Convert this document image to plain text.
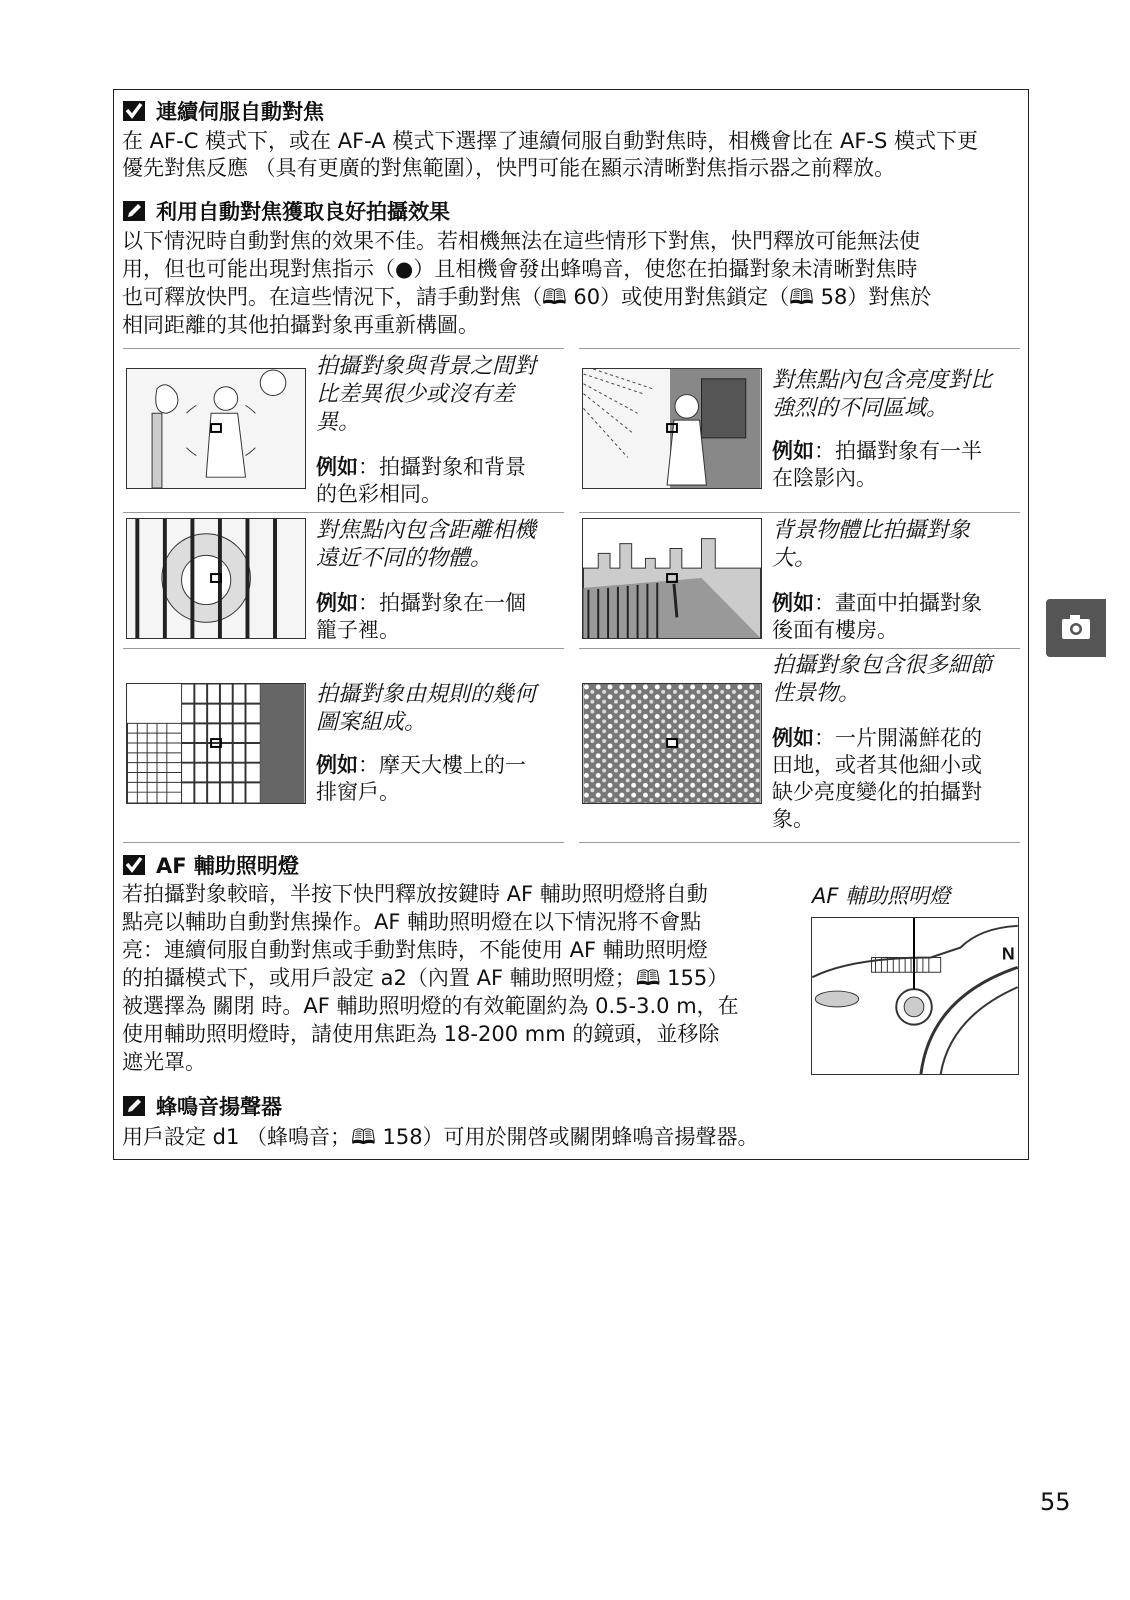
連續伺服自動對焦
在 AF-C 模式下，或在 AF-A 模式下選擇了連續伺服自動對焦時，相機會比在 AF-S 模式下更
優先對焦反應 （具有更廣的對焦範圍），快門可能在顯示清晰對焦指示器之前釋放。
利用自動對焦獲取良好拍攝效果
以下情況時自動對焦的效果不佳。若相機無法在這些情形下對焦，快門釋放可能無法使
用，但也可能出現對焦指示（●）且相機會發出蜂鳴音，使您在拍攝對象未清晰對焦時
也可釋放快門。在這些情況下，請手動對焦（🕮 60）或使用對焦鎖定（🕮 58）對焦於
相同距離的其他拍攝對象再重新構圖。
拍攝對象與背景之間對
比差異很少或沒有差
異。
例如：拍攝對象和背景
的色彩相同。
對焦點內包含亮度對比
強烈的不同區域。
例如：拍攝對象有一半
在陰影內。
對焦點內包含距離相機
遠近不同的物體。
例如：拍攝對象在一個
籠子裡。
背景物體比拍攝對象
大。
例如：畫面中拍攝對象
後面有樓房。
拍攝對象由規則的幾何
圖案組成。
例如：摩天大樓上的一
排窗戶。
拍攝對象包含很多細節
性景物。
例如：一片開滿鮮花的
田地，或者其他細小或
缺少亮度變化的拍攝對
象。
AF 輔助照明燈
若拍攝對象較暗，半按下快門釋放按鍵時 AF 輔助照明燈將自動
點亮以輔助自動對焦操作。AF 輔助照明燈在以下情況將不會點
亮：連續伺服自動對焦或手動對焦時，不能使用 AF 輔助照明燈
的拍攝模式下，或用戶設定 a2（內置 AF 輔助照明燈；🕮 155）
被選擇為 關閉 時。AF 輔助照明燈的有效範圍約為 0.5-3.0 m，在
使用輔助照明燈時，請使用焦距為 18-200 mm 的鏡頭，並移除
遮光罩。
AF 輔助照明燈
N
蜂鳴音揚聲器
用戶設定 d1 （蜂鳴音；🕮 158）可用於開啓或關閉蜂鳴音揚聲器。
55
